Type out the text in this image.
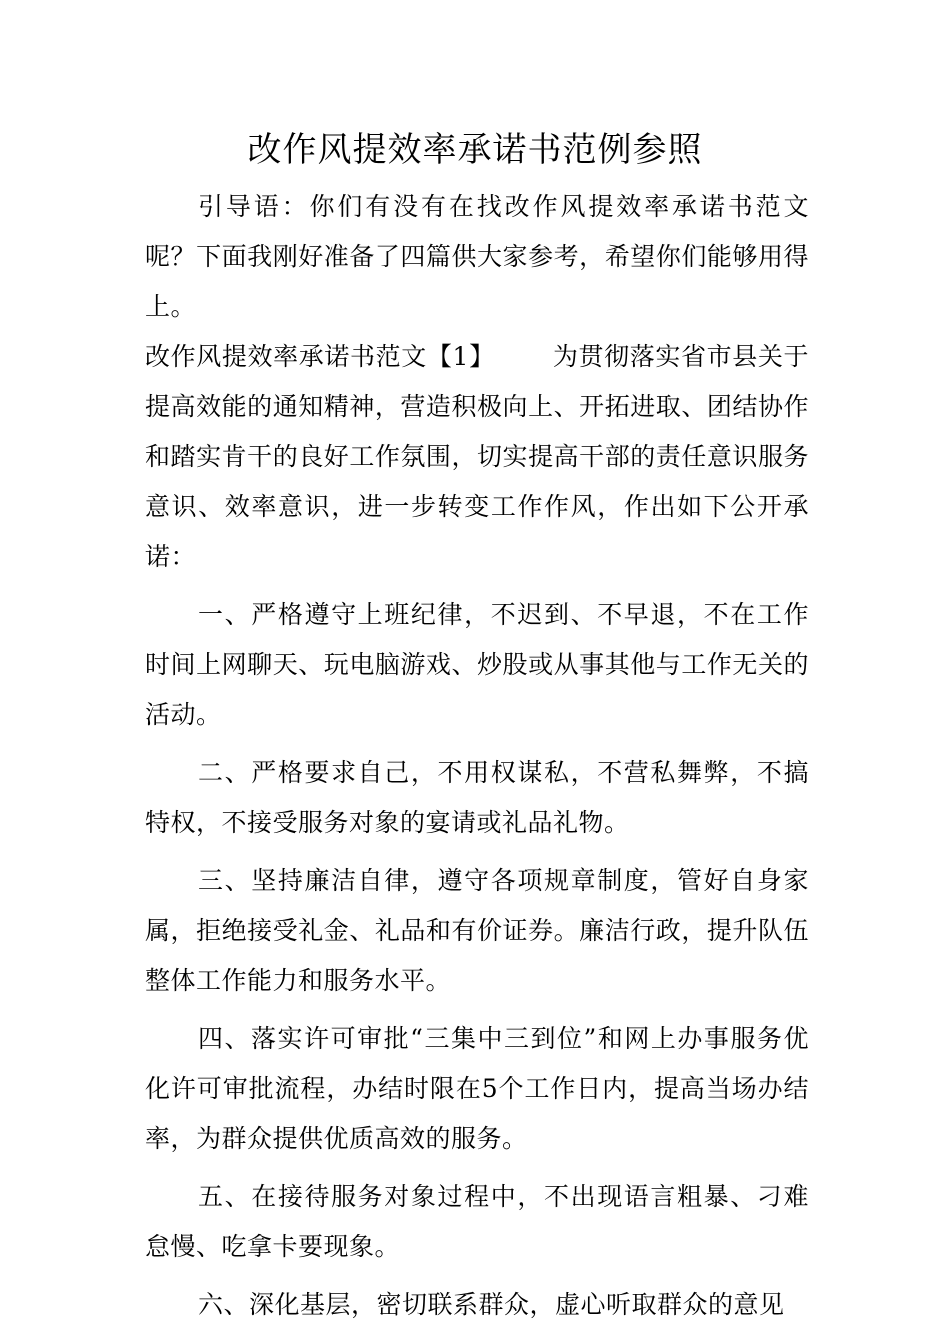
改作风提效率承诺书范例参照

引导语：你们有没有在找改作风提效率承诺书范文呢？下面我刚好准备了四篇供大家参考，希望你们能够用得上。

改作风提效率承诺书范文【1】 为贯彻落实省市县关于提高效能的通知精神，营造积极向上、开拓进取、团结协作和踏实肯干的良好工作氛围，切实提高干部的责任意识服务意识、效率意识，进一步转变工作作风，作出如下公开承诺：

一、严格遵守上班纪律，不迟到、不早退，不在工作时间上网聊天、玩电脑游戏、炒股或从事其他与工作无关的活动。

二、严格要求自己，不用权谋私，不营私舞弊，不搞特权，不接受服务对象的宴请或礼品礼物。

三、坚持廉洁自律，遵守各项规章制度，管好自身家属，拒绝接受礼金、礼品和有价证券。廉洁行政，提升队伍整体工作能力和服务水平。

四、落实许可审批“三集中三到位”和网上办事服务优化许可审批流程，办结时限在5个工作日内，提高当场办结率，为群众提供优质高效的服务。

五、在接待服务对象过程中，不出现语言粗暴、刁难怠慢、吃拿卡要现象。

六、深化基层，密切联系群众，虚心听取群众的意见
